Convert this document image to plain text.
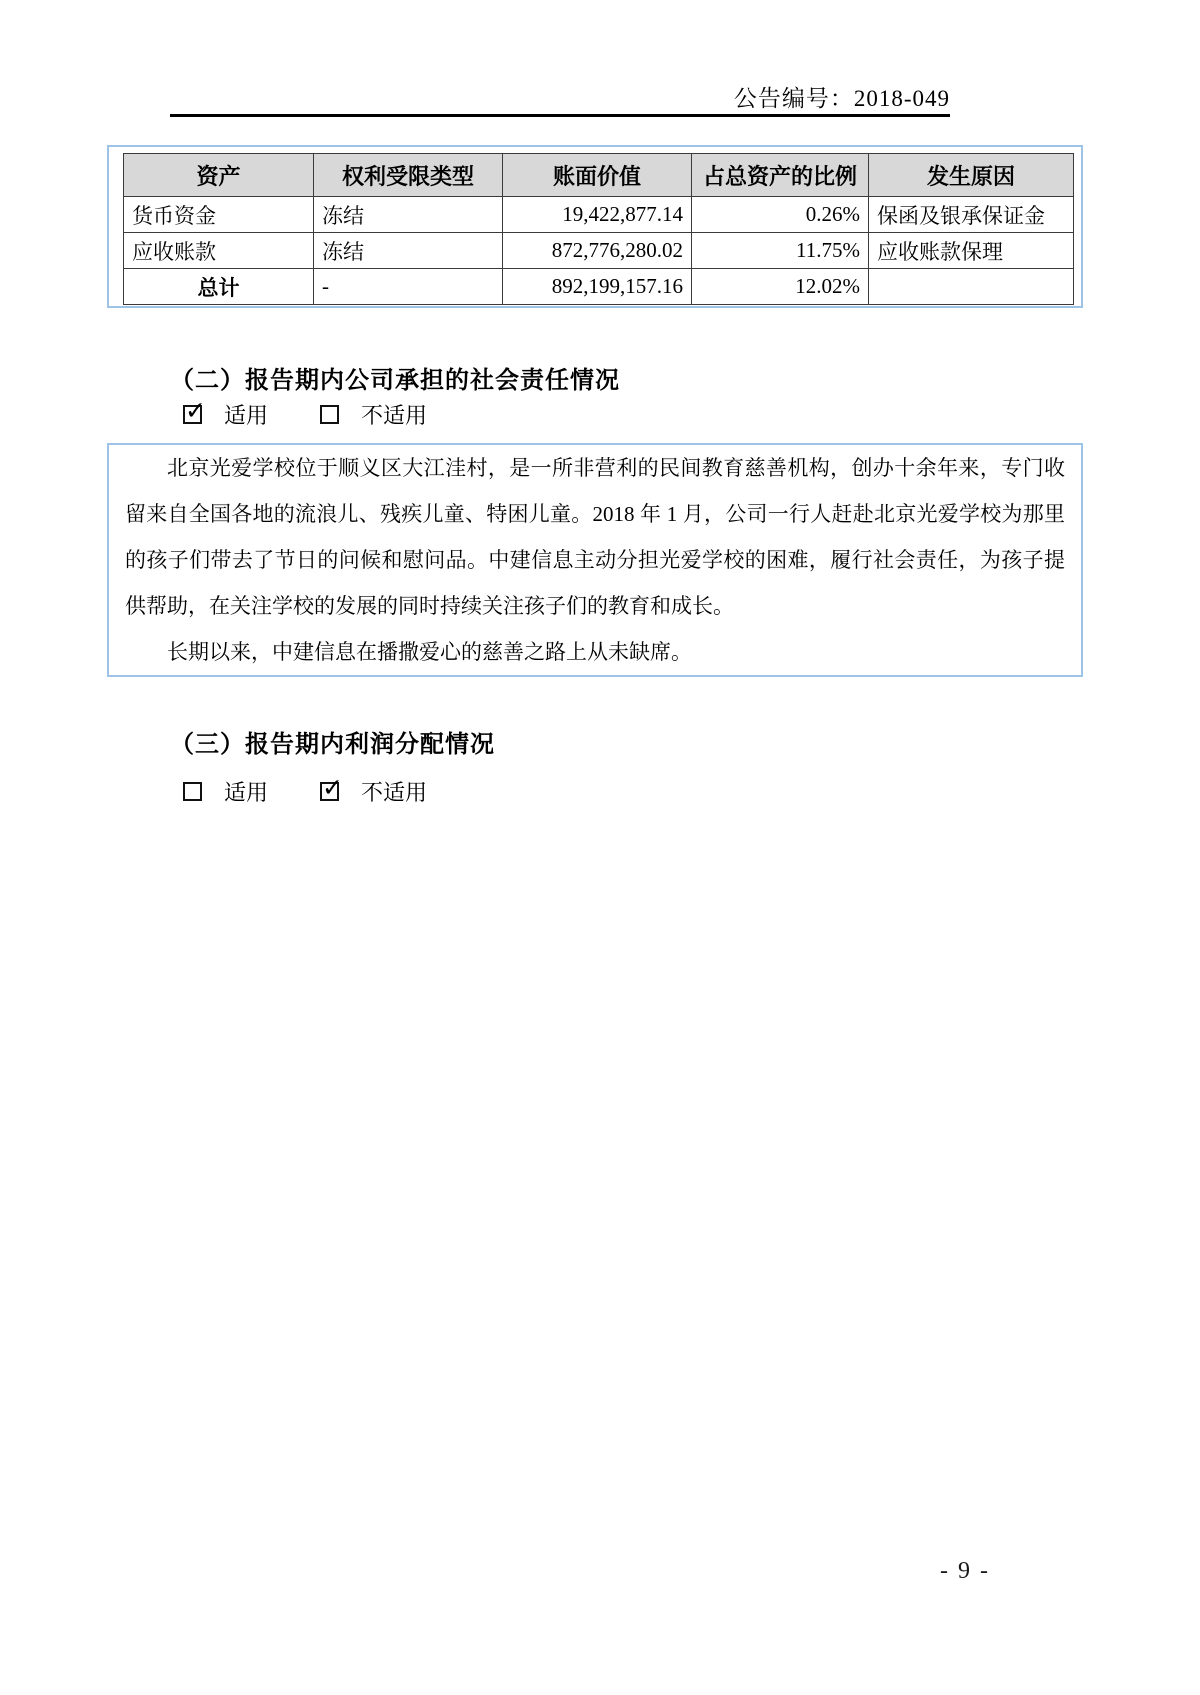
公告编号：2018-049
资产	权利受限类型	账面价值	占总资产的比例	发生原因
货币资金	冻结	19,422,877.14	0.26%	保函及银承保证金
应收账款	冻结	872,776,280.02	11.75%	应收账款保理
总计	-	892,199,157.16	12.02%	
（二）报告期内公司承担的社会责任情况
✓ 适用	不适用

北京光爱学校位于顺义区大江洼村，是一所非营利的民间教育慈善机构，创办十余年来，专门收留来自全国各地的流浪儿、残疾儿童、特困儿童。2018 年 1 月，公司一行人赶赴北京光爱学校为那里的孩子们带去了节日的问候和慰问品。中建信息主动分担光爱学校的困难，履行社会责任，为孩子提供帮助，在关注学校的发展的同时持续关注孩子们的教育和成长。

长期以来，中建信息在播撒爱心的慈善之路上从未缺席。

（三）报告期内利润分配情况
适用 ✓ 不适用
- 9 -
